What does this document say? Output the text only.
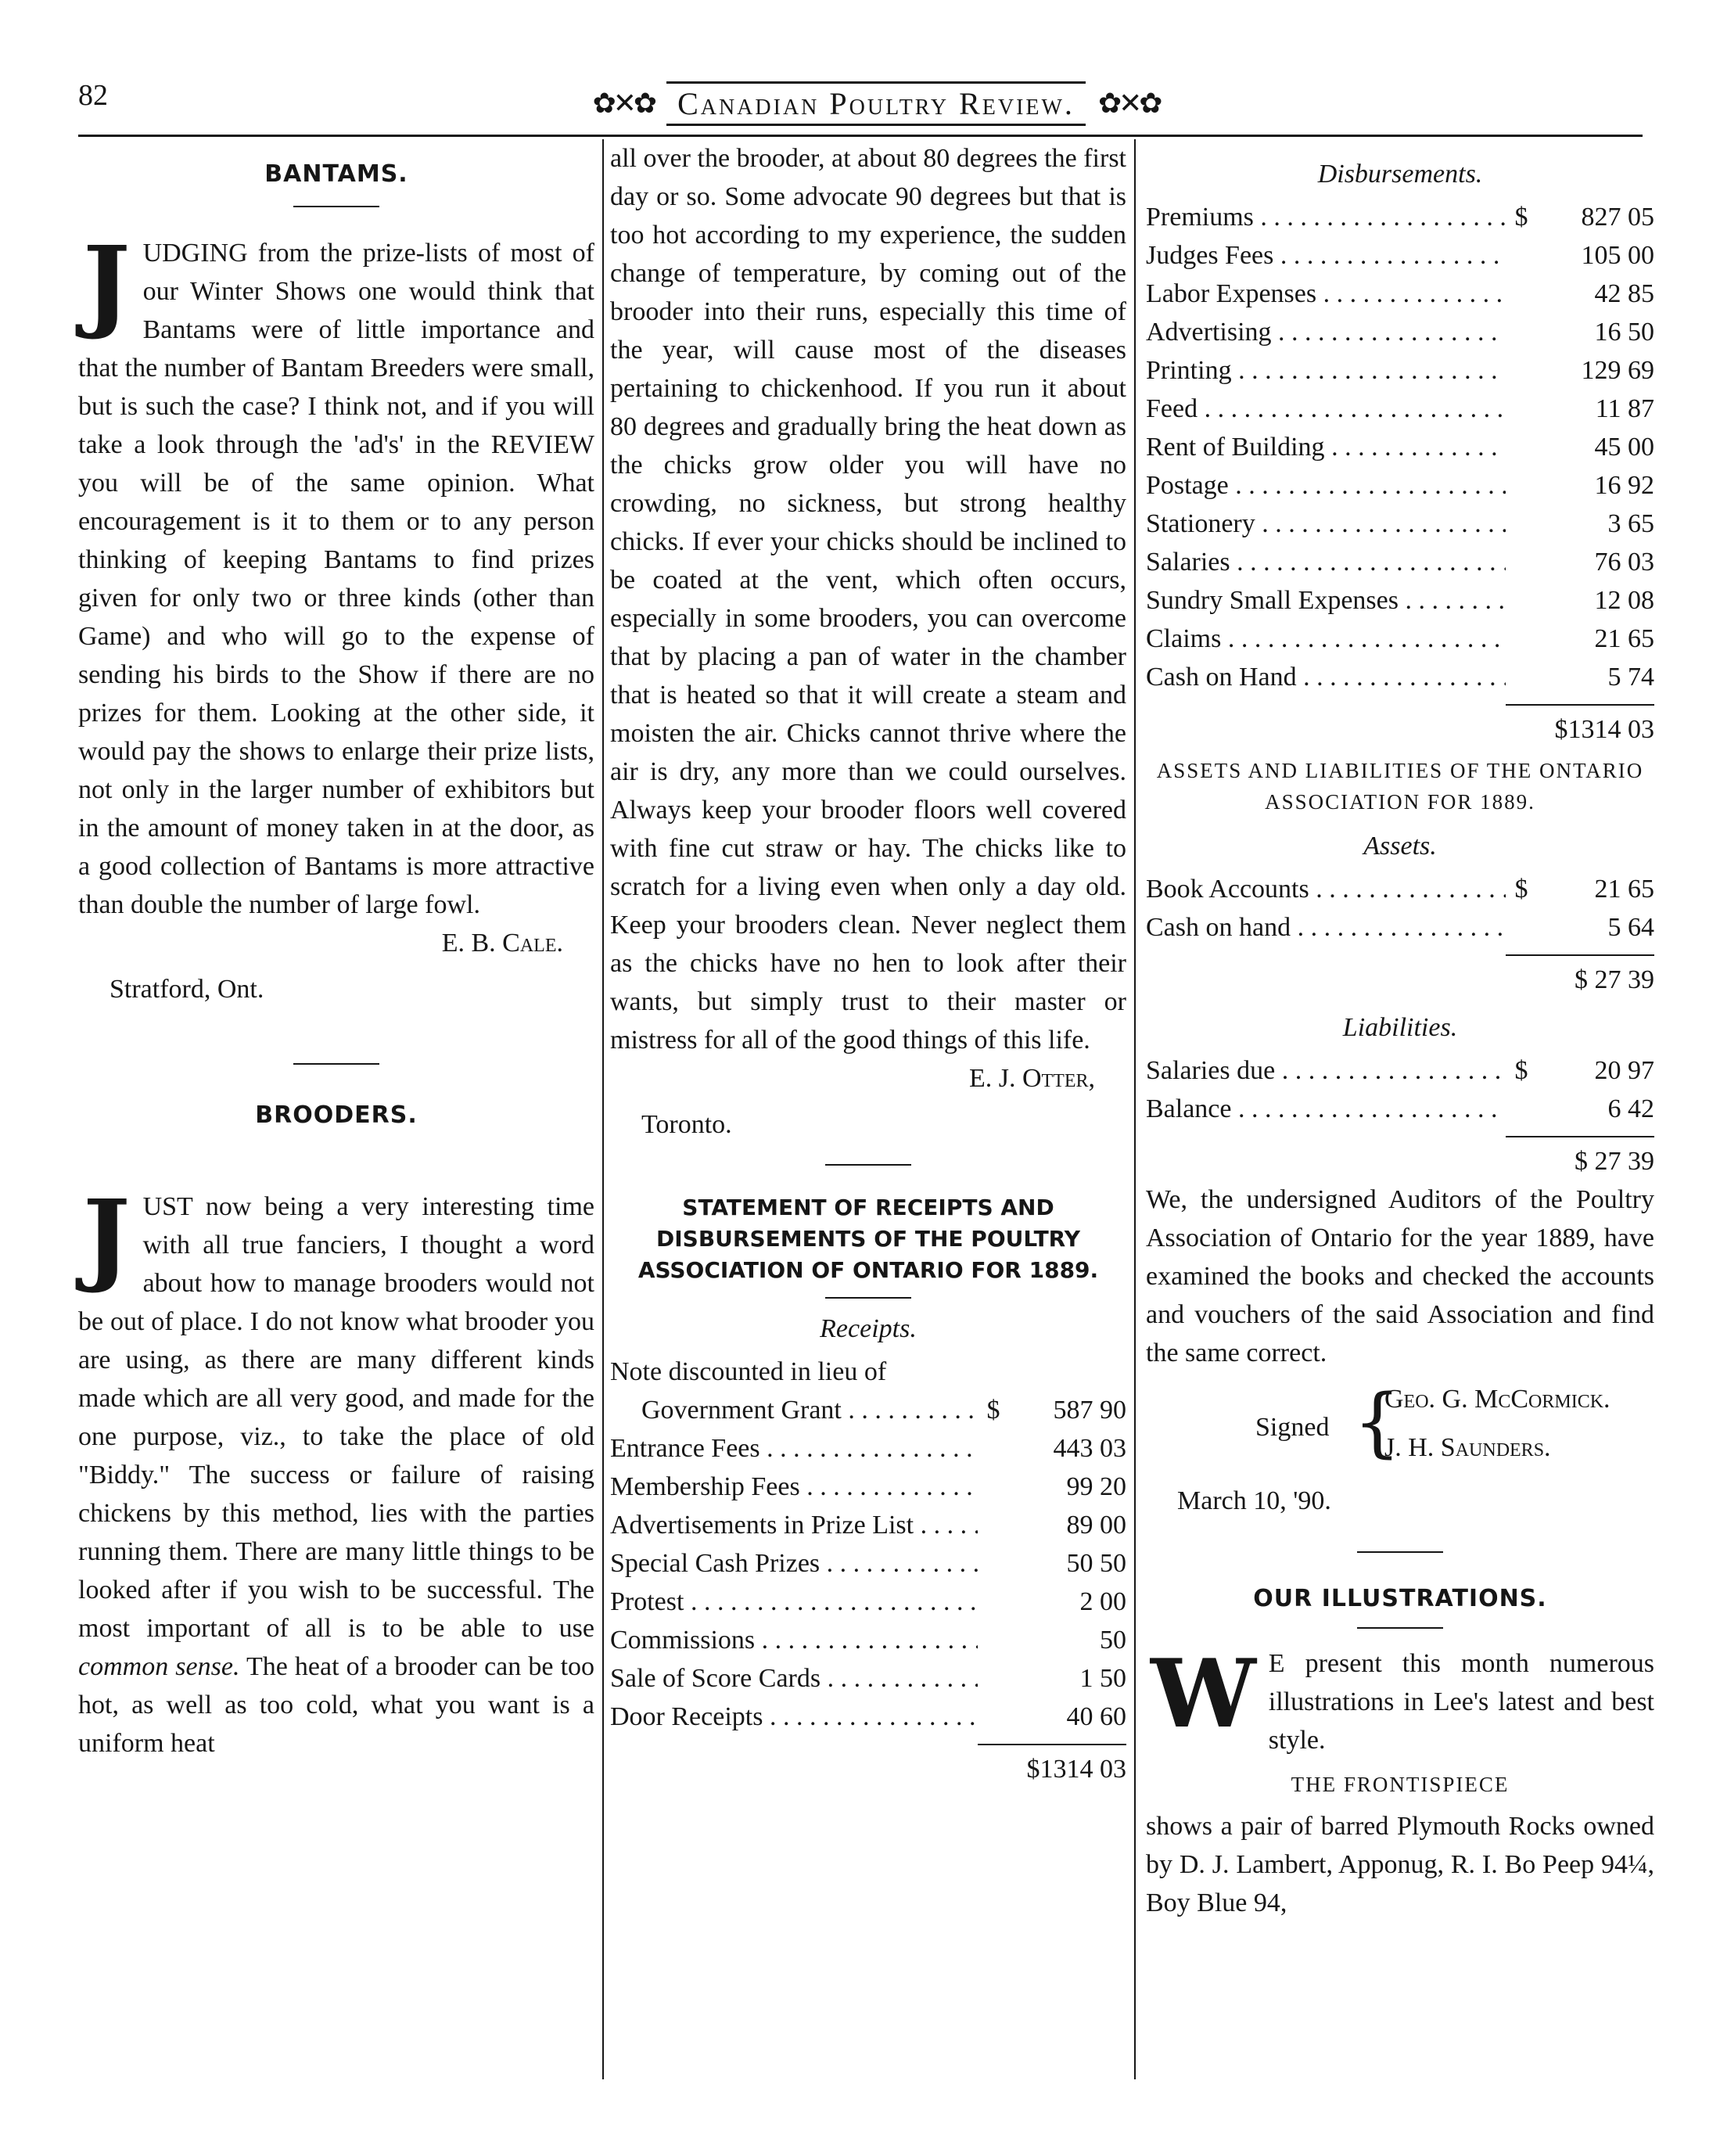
82	✿✕✿ Canadian Poultry Review. ✿✕✿
BANTAMS.

JUDGING from the prize-lists of most of our Winter Shows one would think that Bantams were of little importance and that the number of Bantam Breeders were small, but is such the case? I think not, and if you will take a look through the 'ad's' in the REVIEW you will be of the same opinion. What encouragement is it to them or to any person thinking of keeping Bantams to find prizes given for only two or three kinds (other than Game) and who will go to the expense of sending his birds to the Show if there are no prizes for them. Looking at the other side, it would pay the shows to enlarge their prize lists, not only in the larger number of exhibitors but in the amount of money taken in at the door, as a good collection of Bantams is more attractive than double the number of large fowl.

E. B. Cale.
Stratford, Ont.
BROODERS.

JUST now being a very interesting time with all true fanciers, I thought a word about how to manage brooders would not be out of place. I do not know what brooder you are using, as there are many different kinds made which are all very good, and made for the one purpose, viz., to take the place of old "Biddy." The success or failure of raising chickens by this method, lies with the parties running them. There are many little things to be looked after if you wish to be successful. The most important of all is to be able to use common sense. The heat of a brooder can be too hot, as well as too cold, what you want is a uniform heat

all over the brooder, at about 80 degrees the first day or so. Some advocate 90 degrees but that is too hot according to my experience, the sudden change of temperature, by coming out of the brooder into their runs, especially this time of the year, will cause most of the diseases pertaining to chickenhood. If you run it about 80 degrees and gradually bring the heat down as the chicks grow older you will have no crowding, no sickness, but strong healthy chicks. If ever your chicks should be inclined to be coated at the vent, which often occurs, especially in some brooders, you can overcome that by placing a pan of water in the chamber that is heated so that it will create a steam and moisten the air. Chicks cannot thrive where the air is dry, any more than we could ourselves. Always keep your brooder floors well covered with fine cut straw or hay. The chicks like to scratch for a living even when only a day old. Keep your brooders clean. Never neglect them as the chicks have no hen to look after their wants, but simply trust to their master or mistress for all of the good things of this life.

E. J. Otter,
Toronto.
STATEMENT OF RECEIPTS AND DISBURSEMENTS OF THE POULTRY ASSOCIATION OF ONTARIO FOR 1889.
Receipts.
Note discounted in lieu of
Government Grant . . .	$	587 90
Entrance Fees . . .	443 03
Membership Fees . . .	99 20
Advertisements in Prize List . . .	89 00
Special Cash Prizes . . .	50 50
Protest . . .	2 00
Commissions . . .	50
Sale of Score Cards . . .	1 50
Door Receipts . . .	40 60
$1314 03
Disbursements.
Premiums . . .	$	827 05
Judges Fees . . .	105 00
Labor Expenses . . .	42 85
Advertising . . .	16 50
Printing . . .	129 69
Feed . . .	11 87
Rent of Building . . .	45 00
Postage . . .	16 92
Stationery . . .	3 65
Salaries . . .	76 03
Sundry Small Expenses . . .	12 08
Claims . . .	21 65
Cash on Hand . . .	5 74
$1314 03
ASSETS AND LIABILITIES OF THE ONTARIO ASSOCIATION FOR 1889.
Assets.
Book Accounts . . .	$	21 65
Cash on hand . . .	5 64
$ 27 39
Liabilities.
Salaries due . . .	$	20 97
Balance . . .	6 42
$ 27 39

We, the undersigned Auditors of the Poultry Association of Ontario for the year 1889, have examined the books and checked the accounts and vouchers of the said Association and find the same correct.

Signed {
Geo. G. McCormick.
J. H. Saunders.
March 10, '90.
OUR ILLUSTRATIONS.

W E present this month numerous illustrations in Lee's latest and best style.

THE FRONTISPIECE

shows a pair of barred Plymouth Rocks owned by D. J. Lambert, Apponug, R. I. Bo Peep 94¼, Boy Blue 94,
